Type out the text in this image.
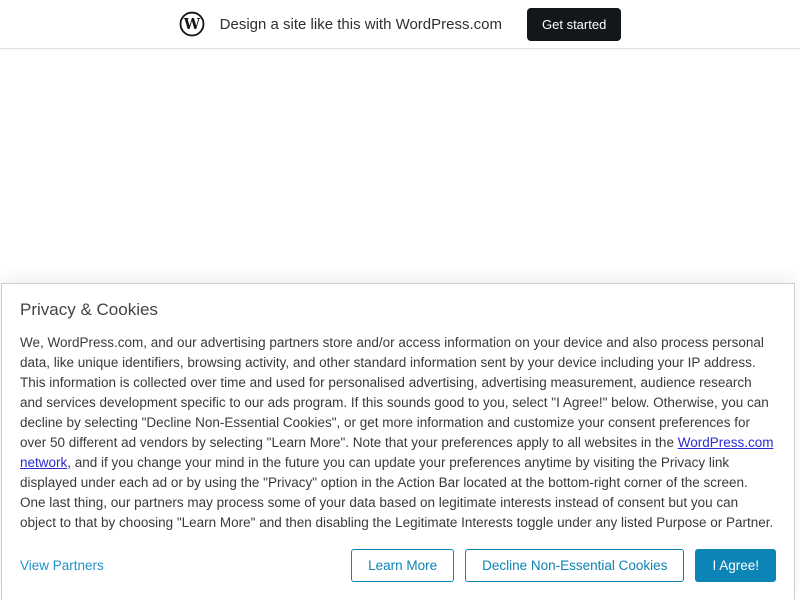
W Design a site like this with WordPress.com	Get started
Privacy & Cookies

We, WordPress.com, and our advertising partners store and/or access information on your device and also process personal data, like unique identifiers, browsing activity, and other standard information sent by your device including your IP address. This information is collected over time and used for personalised advertising, advertising measurement, audience research and services development specific to our ads program. If this sounds good to you, select "I Agree!" below. Otherwise, you can decline by selecting "Decline Non-Essential Cookies", or get more information and customize your consent preferences for over 50 different ad vendors by selecting "Learn More". Note that your preferences apply to all websites in the WordPress.com network, and if you change your mind in the future you can update your preferences anytime by visiting the Privacy link displayed under each ad or by using the "Privacy" option in the Action Bar located at the bottom-right corner of the screen. One last thing, our partners may process some of your data based on legitimate interests instead of consent but you can object to that by choosing "Learn More" and then disabling the Legitimate Interests toggle under any listed Purpose or Partner.

View Partners	Learn More	Decline Non-Essential Cookies	I Agree!
